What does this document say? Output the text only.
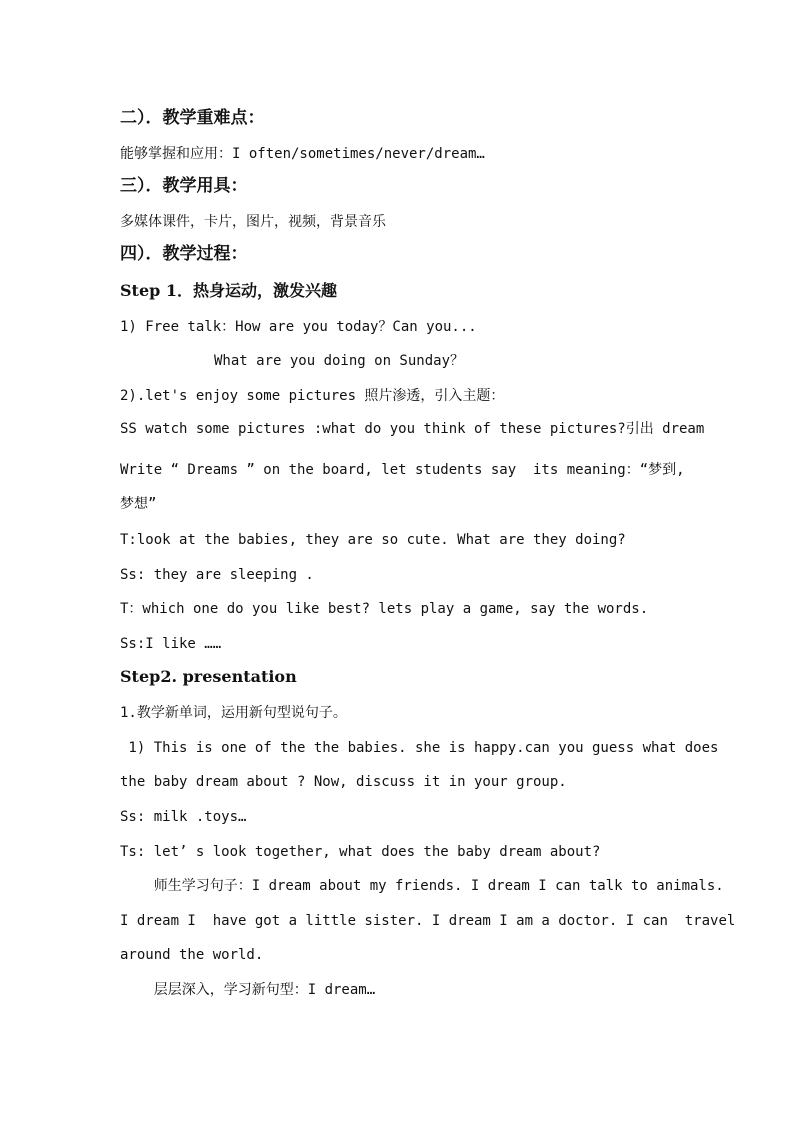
二）．教学重难点：
能够掌握和应用：I often/sometimes/never/dream…
三）．教学用具：
多媒体课件，卡片，图片，视频，背景音乐
四）．教学过程：
Step 1．热身运动，激发兴趣
1) Free talk：How are you today？Can you...
What are you doing on Sunday？
2).let's enjoy some pictures 照片渗透，引入主题：
SS watch some pictures :what do you think of these pictures?引出 dream
Write “ Dreams ” on the board, let students say  its meaning：“梦到,
梦想”
T:look at the babies, they are so cute. What are they doing?
Ss: they are sleeping .
T：which one do you like best? lets play a game, say the words.
Ss:I like ……
Step2. presentation
1.教学新单词，运用新句型说句子。
1) This is one of the the babies. she is happy.can you guess what does
the baby dream about ? Now, discuss it in your group.
Ss: milk .toys…
Ts: let’ s look together, what does the baby dream about?
师生学习句子：I dream about my friends. I dream I can talk to animals.
I dream I  have got a little sister. I dream I am a doctor. I can  travel
around the world.
层层深入，学习新句型：I dream…
